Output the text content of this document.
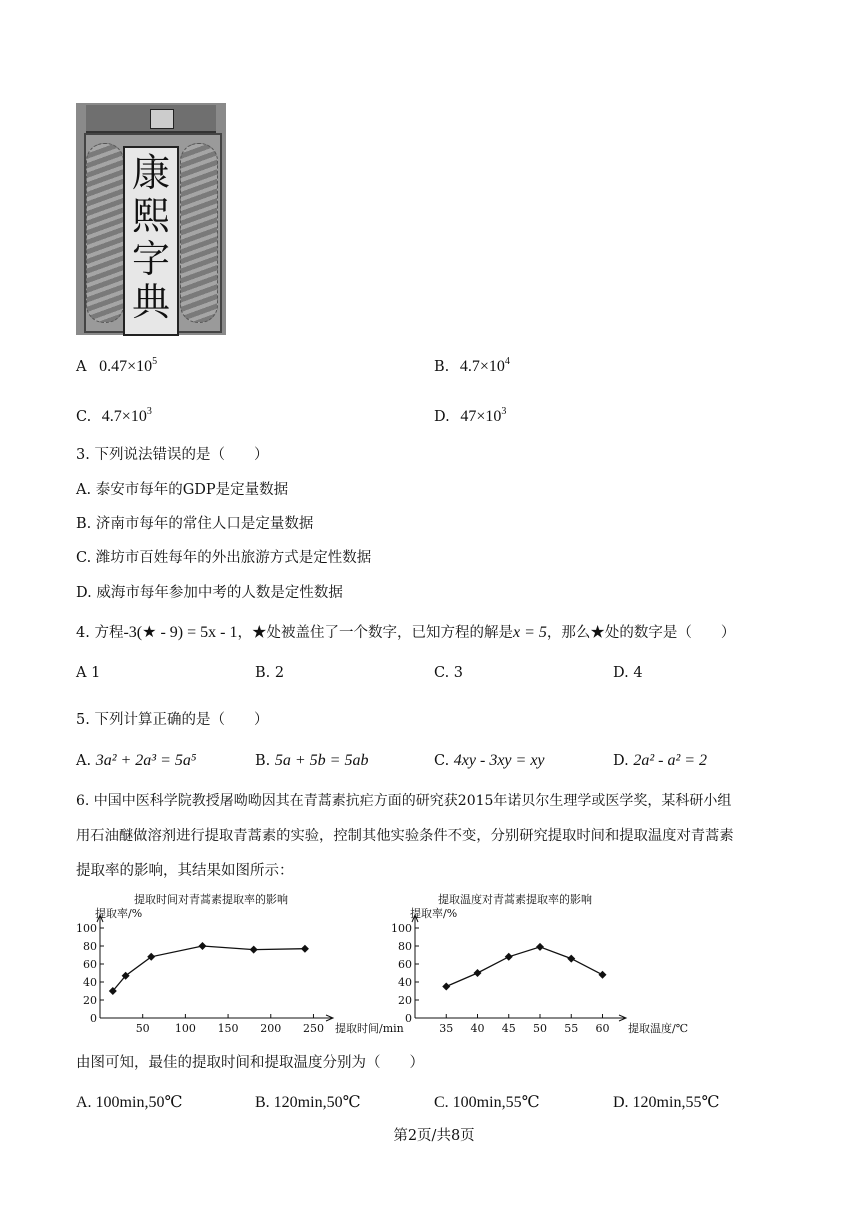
康
熙
字
典
A $0.47\times 10^5$	B. $4.7\times 10^4$
C. $4.7\times 10^3$	D. $47\times 10^3$
3. 下列说法错误的是（　　）
A. 泰安市每年的GDP是定量数据
B. 济南市每年的常住人口是定量数据
C. 潍坊市百姓每年的外出旅游方式是定性数据
D. 威海市每年参加中考的人数是定性数据
4. 方程-3(★ - 9) = 5x - 1，★处被盖住了一个数字，已知方程的解是x = 5，那么★处的数字是（　　）
A 1	B. 2	C. 3	D. 4
5. 下列计算正确的是（　　）
A. 3a² + 2a³ = 5a⁵	B. 5a + 5b = 5ab	C. 4xy - 3xy = xy	D. 2a² - a² = 2
6. 中国中医科学院教授屠呦呦因其在青蒿素抗疟方面的研究获2015年诺贝尔生理学或医学奖，某科研小组
用石油醚做溶剂进行提取青蒿素的实验，控制其他实验条件不变，分别研究提取时间和提取温度对青蒿素
提取率的影响，其结果如图所示：
提取时间对青蒿素提取率的影响
提取率/%
提取时间/min
0
20
40
60
80
100
50 100 150 200 250
提取温度对青蒿素提取率的影响
提取率/%
提取温度/℃
0
20
40
60
80
100
35 40 45 50 55 60
由图可知，最佳的提取时间和提取温度分别为（　　）
A. 100min,50℃	B. 120min,50℃	C. 100min,55℃	D. 120min,55℃
第2页/共8页
